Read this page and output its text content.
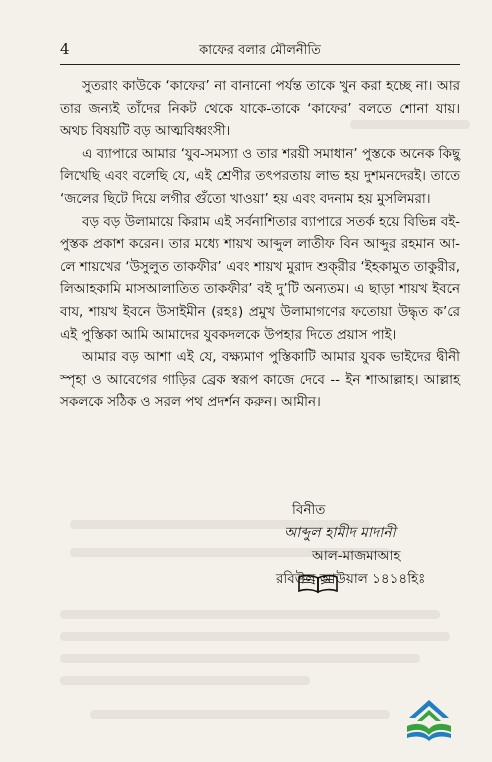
4	কাফের বলার মৌলনীতি

সুতরাং কাউকে ‘কাফের’ না বানানো পর্যন্ত তাকে খুন করা হচ্ছে না। আর তার জন্যই তাঁদের নিকট থেকে যাকে-তাকে ‘কাফের’ বলতে শোনা যায়। অথচ বিষয়টি বড় আত্মবিধ্বংসী।

এ ব্যাপারে আমার ‘যুব-সমস্যা ও তার শরয়ী সমাধান’ পুস্তকে অনেক কিছু লিখেছি এবং বলেছি যে, এই শ্রেণীর তৎপরতায় লাভ হয় দুশমনদেরই। তাতে ‘জলের ছিটে দিয়ে লগীর গুঁতো খাওয়া’ হয় এবং বদনাম হয় মুসলিমরা।

বড় বড় উলামায়ে কিরাম এই সর্বনাশিতার ব্যাপারে সতর্ক হয়ে বিভিন্ন বই-পুস্তক প্রকাশ করেন। তার মধ্যে শায়খ আব্দুল লাতীফ বিন আব্দুর রহমান আ-লে শায়খের ‘উসুলুত তাকফীর’ এবং শায়খ মুরাদ শুক্‌রীর ‘ইহকামুত তাকুরীর, লিআহকামি মাসআলাতিত তাকফীর’ বই দু’টি অন্যতম। এ ছাড়া শায়খ ইবনে বায, শায়খ ইবনে উসাইমীন (রহঃ) প্রমুখ উলামাগণের ফতোয়া উদ্ধৃত ক’রে এই পুস্তিকা আমি আমাদের যুবকদলকে উপহার দিতে প্রয়াস পাই।

আমার বড় আশা এই যে, বক্ষ্যমাণ পুস্তিকাটি আমার যুবক ভাইদের দ্বীনী স্পৃহা ও আবেগের গাড়ির ব্রেক স্বরূপ কাজে দেবে -- ইন শাআল্লাহ। আল্লাহ সকলকে সঠিক ও সরল পথ প্রদর্শন করুন। আমীন।

বিনীত
আব্দুল হামীদ মাদানী
আল-মাজমাআহ
রবিউল আউয়াল ১৪১৪হিঃ
